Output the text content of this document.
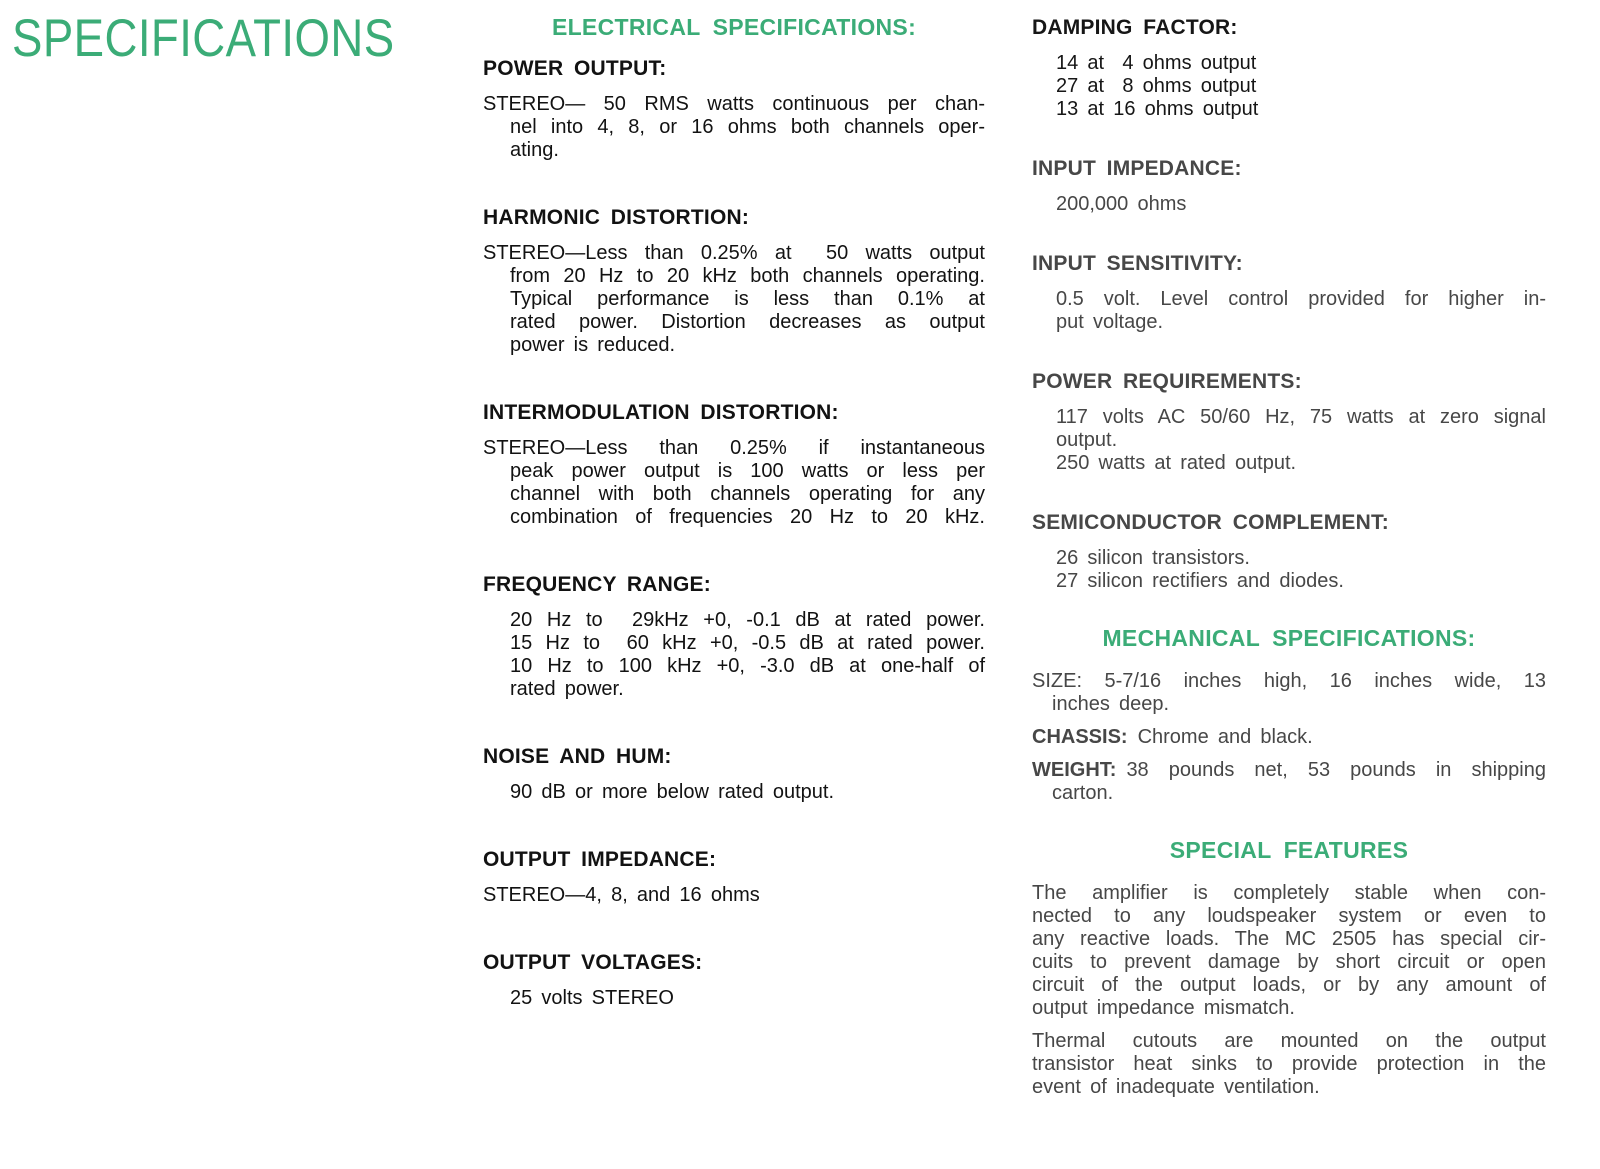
SPECIFICATIONS	ELECTRICAL SPECIFICATIONS:
POWER OUTPUT:
STEREO— 50 RMS watts continuous per chan-
nel into 4, 8, or 16 ohms both channels oper-
ating.
HARMONIC DISTORTION:
STEREO—Less than 0.25% at  50 watts output
from 20 Hz to 20 kHz both channels operating.
Typical performance is less than 0.1% at
rated power. Distortion decreases as output
power is reduced.
INTERMODULATION DISTORTION:
STEREO—Less than 0.25% if instantaneous
peak power output is 100 watts or less per
channel with both channels operating for any
combination of frequencies 20 Hz to 20 kHz.
FREQUENCY RANGE:
20 Hz to  29kHz +0, -0.1 dB at rated power.
15 Hz to  60 kHz +0, -0.5 dB at rated power.
10 Hz to 100 kHz +0, -3.0 dB at one-half of
rated power.
NOISE AND HUM:
90 dB or more below rated output.
OUTPUT IMPEDANCE:
STEREO—4, 8, and 16 ohms
OUTPUT VOLTAGES:
25 volts STEREO
DAMPING FACTOR:
14 at  4 ohms output
27 at  8 ohms output
13 at 16 ohms output
INPUT IMPEDANCE:
200,000 ohms
INPUT SENSITIVITY:
0.5 volt. Level control provided for higher in-
put voltage.
POWER REQUIREMENTS:
117 volts AC 50/60 Hz, 75 watts at zero signal
output.
250 watts at rated output.
SEMICONDUCTOR COMPLEMENT:
26 silicon transistors.
27 silicon rectifiers and diodes.
MECHANICAL SPECIFICATIONS:
SIZE: 5-7/16 inches high, 16 inches wide, 13
inches deep.
CHASSIS: Chrome and black.
WEIGHT: 38 pounds net, 53 pounds in shipping
carton.
SPECIAL FEATURES
The amplifier is completely stable when con-
nected to any loudspeaker system or even to
any reactive loads. The MC 2505 has special cir-
cuits to prevent damage by short circuit or open
circuit of the output loads, or by any amount of
output impedance mismatch.
Thermal cutouts are mounted on the output
transistor heat sinks to provide protection in the
event of inadequate ventilation.
